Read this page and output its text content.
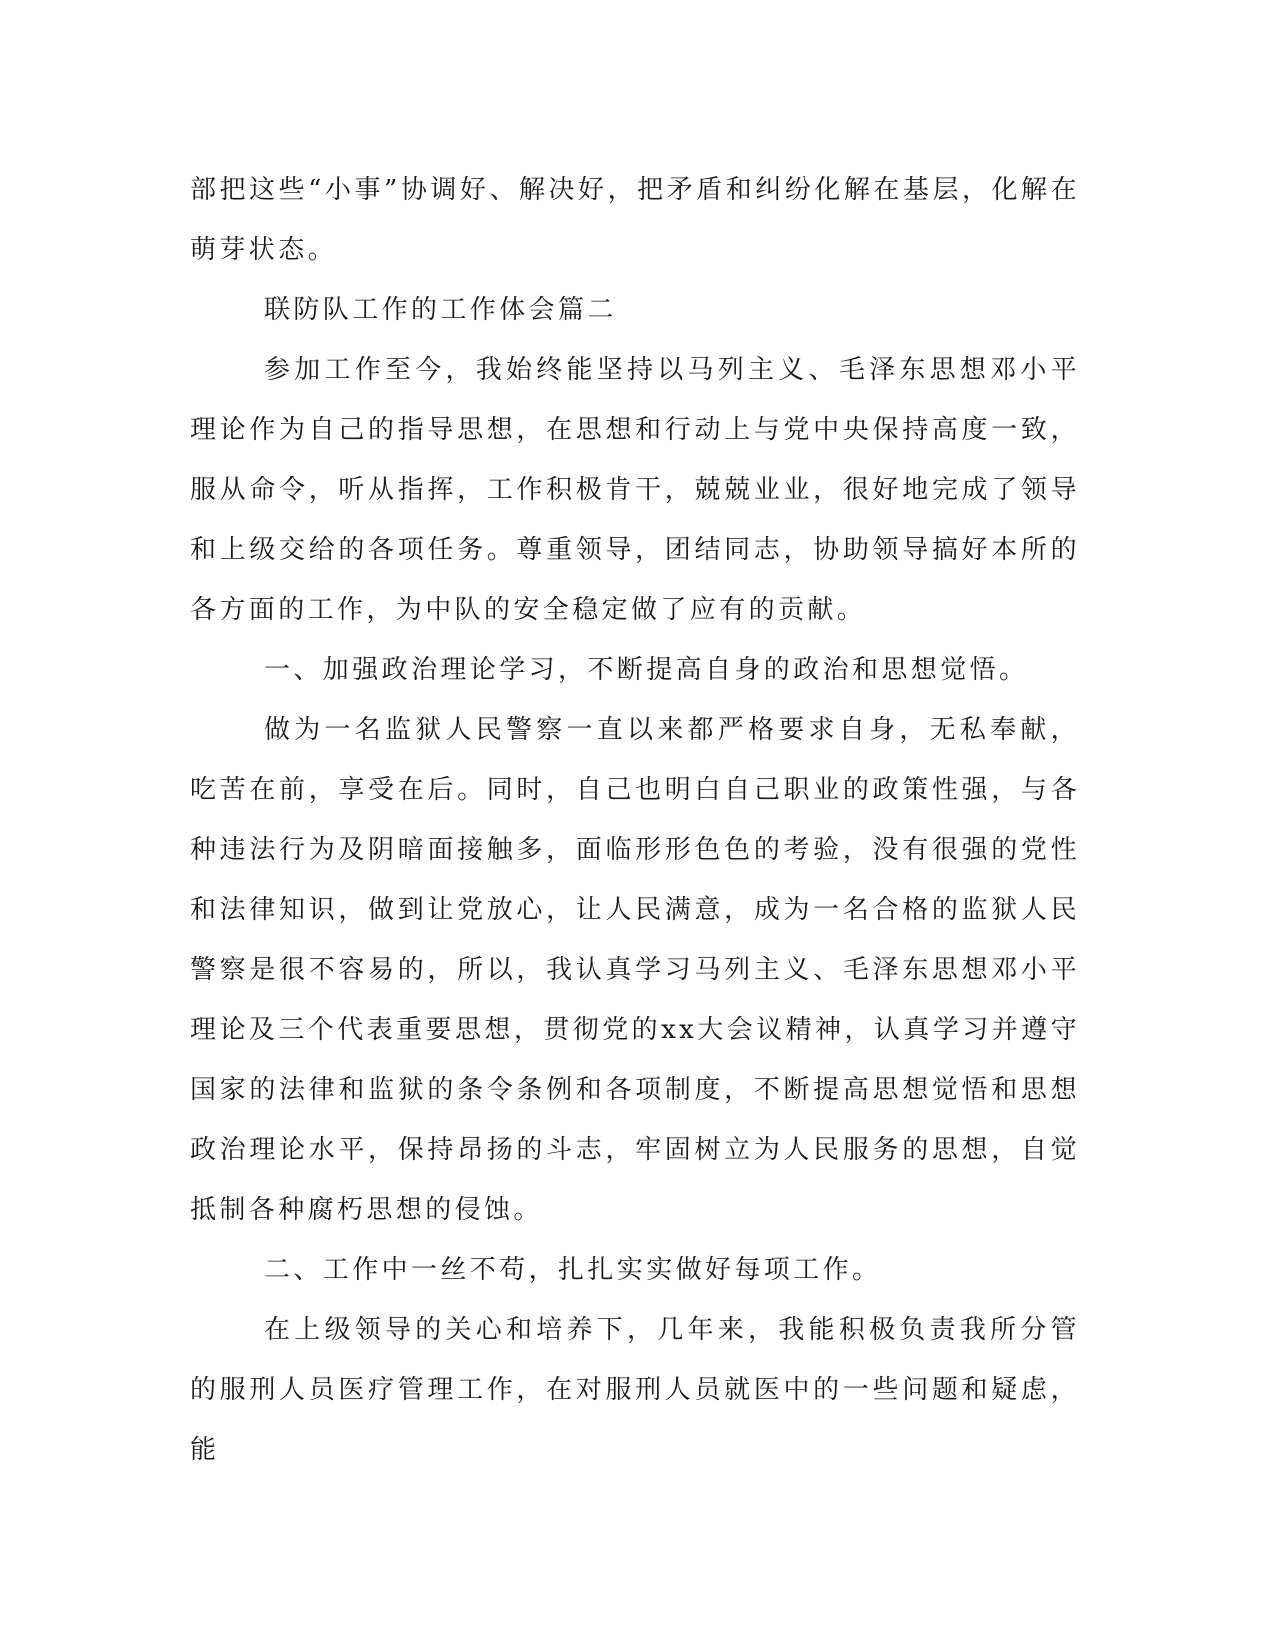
部把这些“小事”协调好、解决好，把矛盾和纠纷化解在基层，化解在萌芽状态。

联防队工作的工作体会篇二

参加工作至今，我始终能坚持以马列主义、毛泽东思想邓小平理论作为自己的指导思想，在思想和行动上与党中央保持高度一致，服从命令，听从指挥，工作积极肯干，兢兢业业，很好地完成了领导和上级交给的各项任务。尊重领导，团结同志，协助领导搞好本所的各方面的工作，为中队的安全稳定做了应有的贡献。

一、加强政治理论学习，不断提高自身的政治和思想觉悟。

做为一名监狱人民警察一直以来都严格要求自身，无私奉献，吃苦在前，享受在后。同时，自己也明白自己职业的政策性强，与各种违法行为及阴暗面接触多，面临形形色色的考验，没有很强的党性和法律知识，做到让党放心，让人民满意，成为一名合格的监狱人民警察是很不容易的，所以，我认真学习马列主义、毛泽东思想邓小平理论及三个代表重要思想，贯彻党的xx大会议精神，认真学习并遵守国家的法律和监狱的条令条例和各项制度，不断提高思想觉悟和思想政治理论水平，保持昂扬的斗志，牢固树立为人民服务的思想，自觉抵制各种腐朽思想的侵蚀。

二、工作中一丝不苟，扎扎实实做好每项工作。

在上级领导的关心和培养下，几年来，我能积极负责我所分管的服刑人员医疗管理工作，在对服刑人员就医中的一些问题和疑虑，能
